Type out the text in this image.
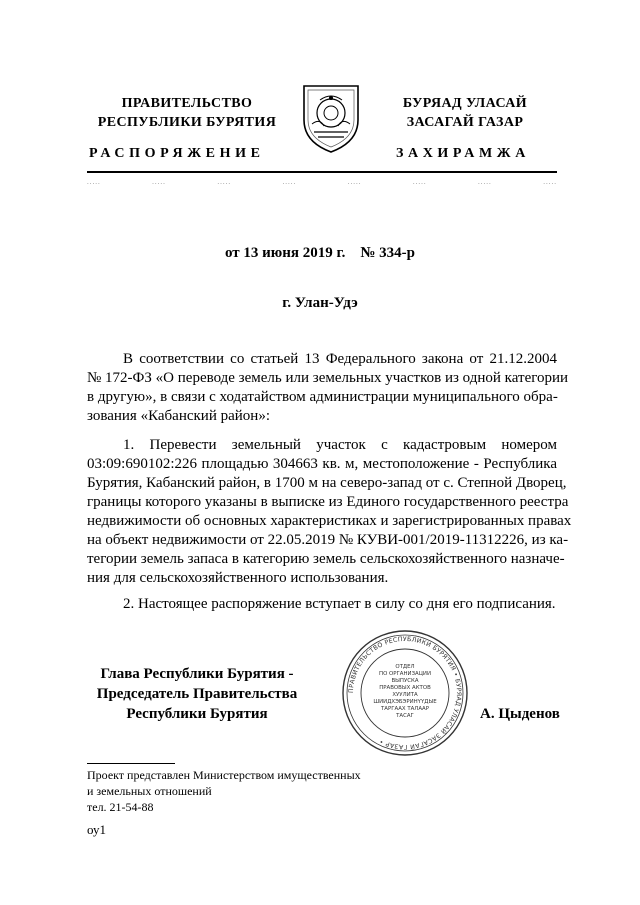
ПРАВИТЕЛЬСТВО
РЕСПУБЛИКИ БУРЯТИЯ
БУРЯАД УЛАСАЙ
ЗАСАГАЙ ГАЗАР
РАСПОРЯЖЕНИЕ	ЗАХИРАМЖА
.....	.....	.....	.....	.....	.....	.....	.....
от 13 июня 2019 г.    № 334-р
г. Улан-Удэ
В соответствии со статьей 13 Федерального закона от 21.12.2004
№ 172-ФЗ «О переводе земель или земельных участков из одной категории
в другую», в связи с ходатайством администрации муниципального обра-
зования «Кабанский район»:
1. Перевести земельный участок с кадастровым номером
03:09:690102:226 площадью 304663 кв. м, местоположение - Республика
Бурятия, Кабанский район, в 1700 м на северо-запад от с. Степной Дворец,
границы которого указаны в выписке из Единого государственного реестра
недвижимости об основных характеристиках и зарегистрированных правах
на объект недвижимости от 22.05.2019 № КУВИ-001/2019-11312226, из ка-
тегории земель запаса в категорию земель сельскохозяйственного назначе-
ния для сельскохозяйственного использования.
2. Настоящее распоряжение вступает в силу со дня его подписания.
Глава Республики Бурятия -
Председатель Правительства
Республики Бурятия
ПРАВИТЕЛЬСТВО РЕСПУБЛИКИ БУРЯТИЯ • БУРЯАД УЛАСАЙ ЗАСАГАЙ ГАЗАР •
ОТДЕЛ
ПО ОРГАНИЗАЦИИ
ВЫПУСКА
ПРАВОВЫХ АКТОВ
ХУУЛИТА
ШИИДХЭБЭРИНҮҮДЫЕ
ТАРГААХ ТАЛААР
ТАСАГ	А. Цыденов
Проект представлен Министерством имущественных
и земельных отношений
тел. 21-54-88
оу1
